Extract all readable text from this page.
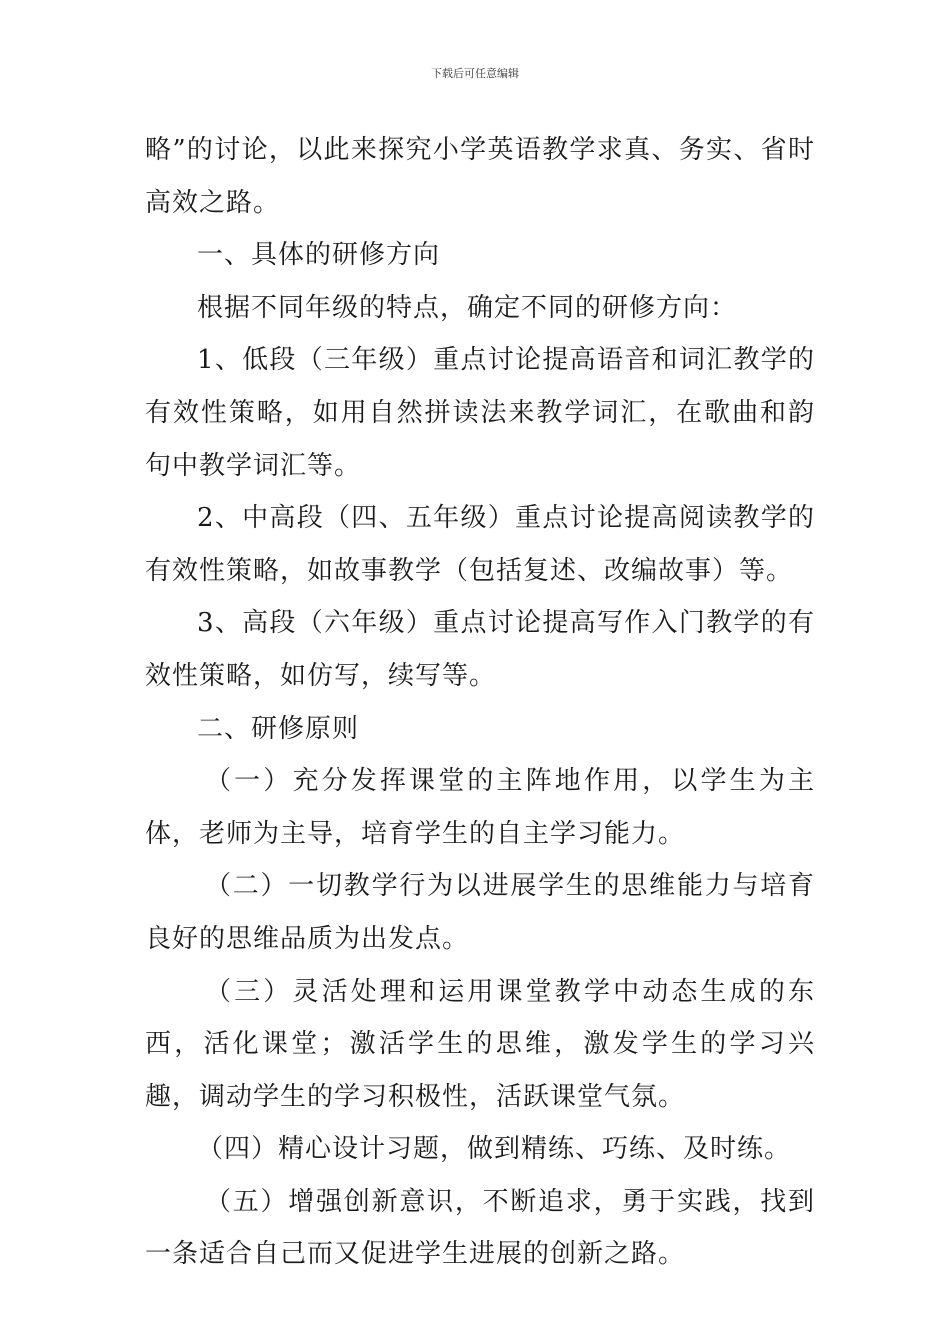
下载后可任意编辑

略”的讨论，以此来探究小学英语教学求真、务实、省时高效之路。

一、具体的研修方向

根据不同年级的特点，确定不同的研修方向：

1、低段（三年级）重点讨论提高语音和词汇教学的有效性策略，如用自然拼读法来教学词汇，在歌曲和韵句中教学词汇等。

2、中高段（四、五年级）重点讨论提高阅读教学的有效性策略，如故事教学（包括复述、改编故事）等。

3、高段（六年级）重点讨论提高写作入门教学的有效性策略，如仿写，续写等。

二、研修原则

（一）充分发挥课堂的主阵地作用，以学生为主体，老师为主导，培育学生的自主学习能力。

（二）一切教学行为以进展学生的思维能力与培育良好的思维品质为出发点。

（三）灵活处理和运用课堂教学中动态生成的东西，活化课堂；激活学生的思维，激发学生的学习兴趣，调动学生的学习积极性，活跃课堂气氛。

（四）精心设计习题，做到精练、巧练、及时练。

（五）增强创新意识，不断追求，勇于实践，找到一条适合自己而又促进学生进展的创新之路。
